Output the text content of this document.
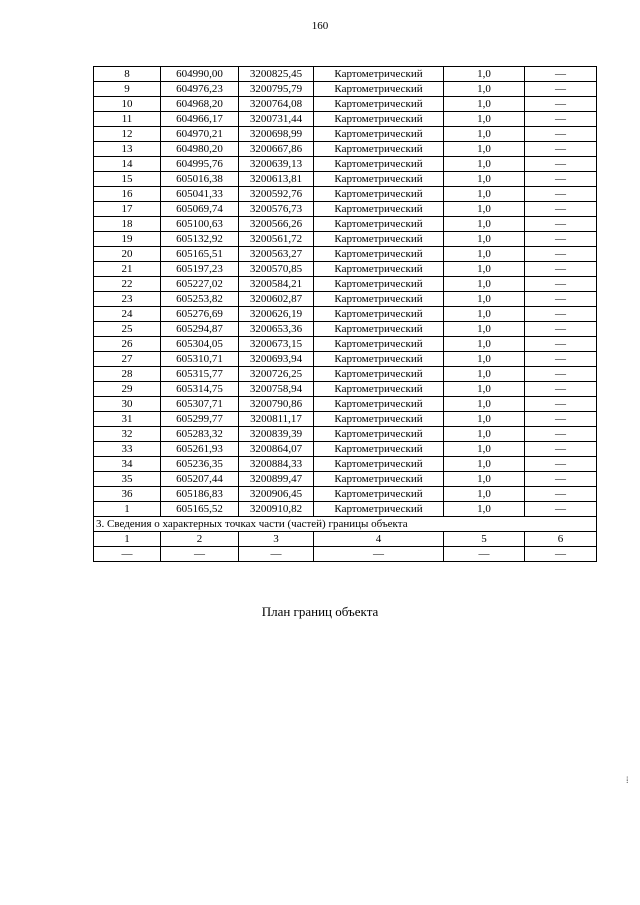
160
8	604990,00	3200825,45	Картометрический	1,0	—
9	604976,23	3200795,79	Картометрический	1,0	—
10	604968,20	3200764,08	Картометрический	1,0	—
11	604966,17	3200731,44	Картометрический	1,0	—
12	604970,21	3200698,99	Картометрический	1,0	—
13	604980,20	3200667,86	Картометрический	1,0	—
14	604995,76	3200639,13	Картометрический	1,0	—
15	605016,38	3200613,81	Картометрический	1,0	—
16	605041,33	3200592,76	Картометрический	1,0	—
17	605069,74	3200576,73	Картометрический	1,0	—
18	605100,63	3200566,26	Картометрический	1,0	—
19	605132,92	3200561,72	Картометрический	1,0	—
20	605165,51	3200563,27	Картометрический	1,0	—
21	605197,23	3200570,85	Картометрический	1,0	—
22	605227,02	3200584,21	Картометрический	1,0	—
23	605253,82	3200602,87	Картометрический	1,0	—
24	605276,69	3200626,19	Картометрический	1,0	—
25	605294,87	3200653,36	Картометрический	1,0	—
26	605304,05	3200673,15	Картометрический	1,0	—
27	605310,71	3200693,94	Картометрический	1,0	—
28	605315,77	3200726,25	Картометрический	1,0	—
29	605314,75	3200758,94	Картометрический	1,0	—
30	605307,71	3200790,86	Картометрический	1,0	—
31	605299,77	3200811,17	Картометрический	1,0	—
32	605283,32	3200839,39	Картометрический	1,0	—
33	605261,93	3200864,07	Картометрический	1,0	—
34	605236,35	3200884,33	Картометрический	1,0	—
35	605207,44	3200899,47	Картометрический	1,0	—
36	605186,83	3200906,45	Картометрический	1,0	—
1	605165,52	3200910,82	Картометрический	1,0	—
3. Сведения о характерных точках части (частей) границы объекта					
1	2	3	4	5	6
—	—	—	—	—	—
План границ объекта
⁞
